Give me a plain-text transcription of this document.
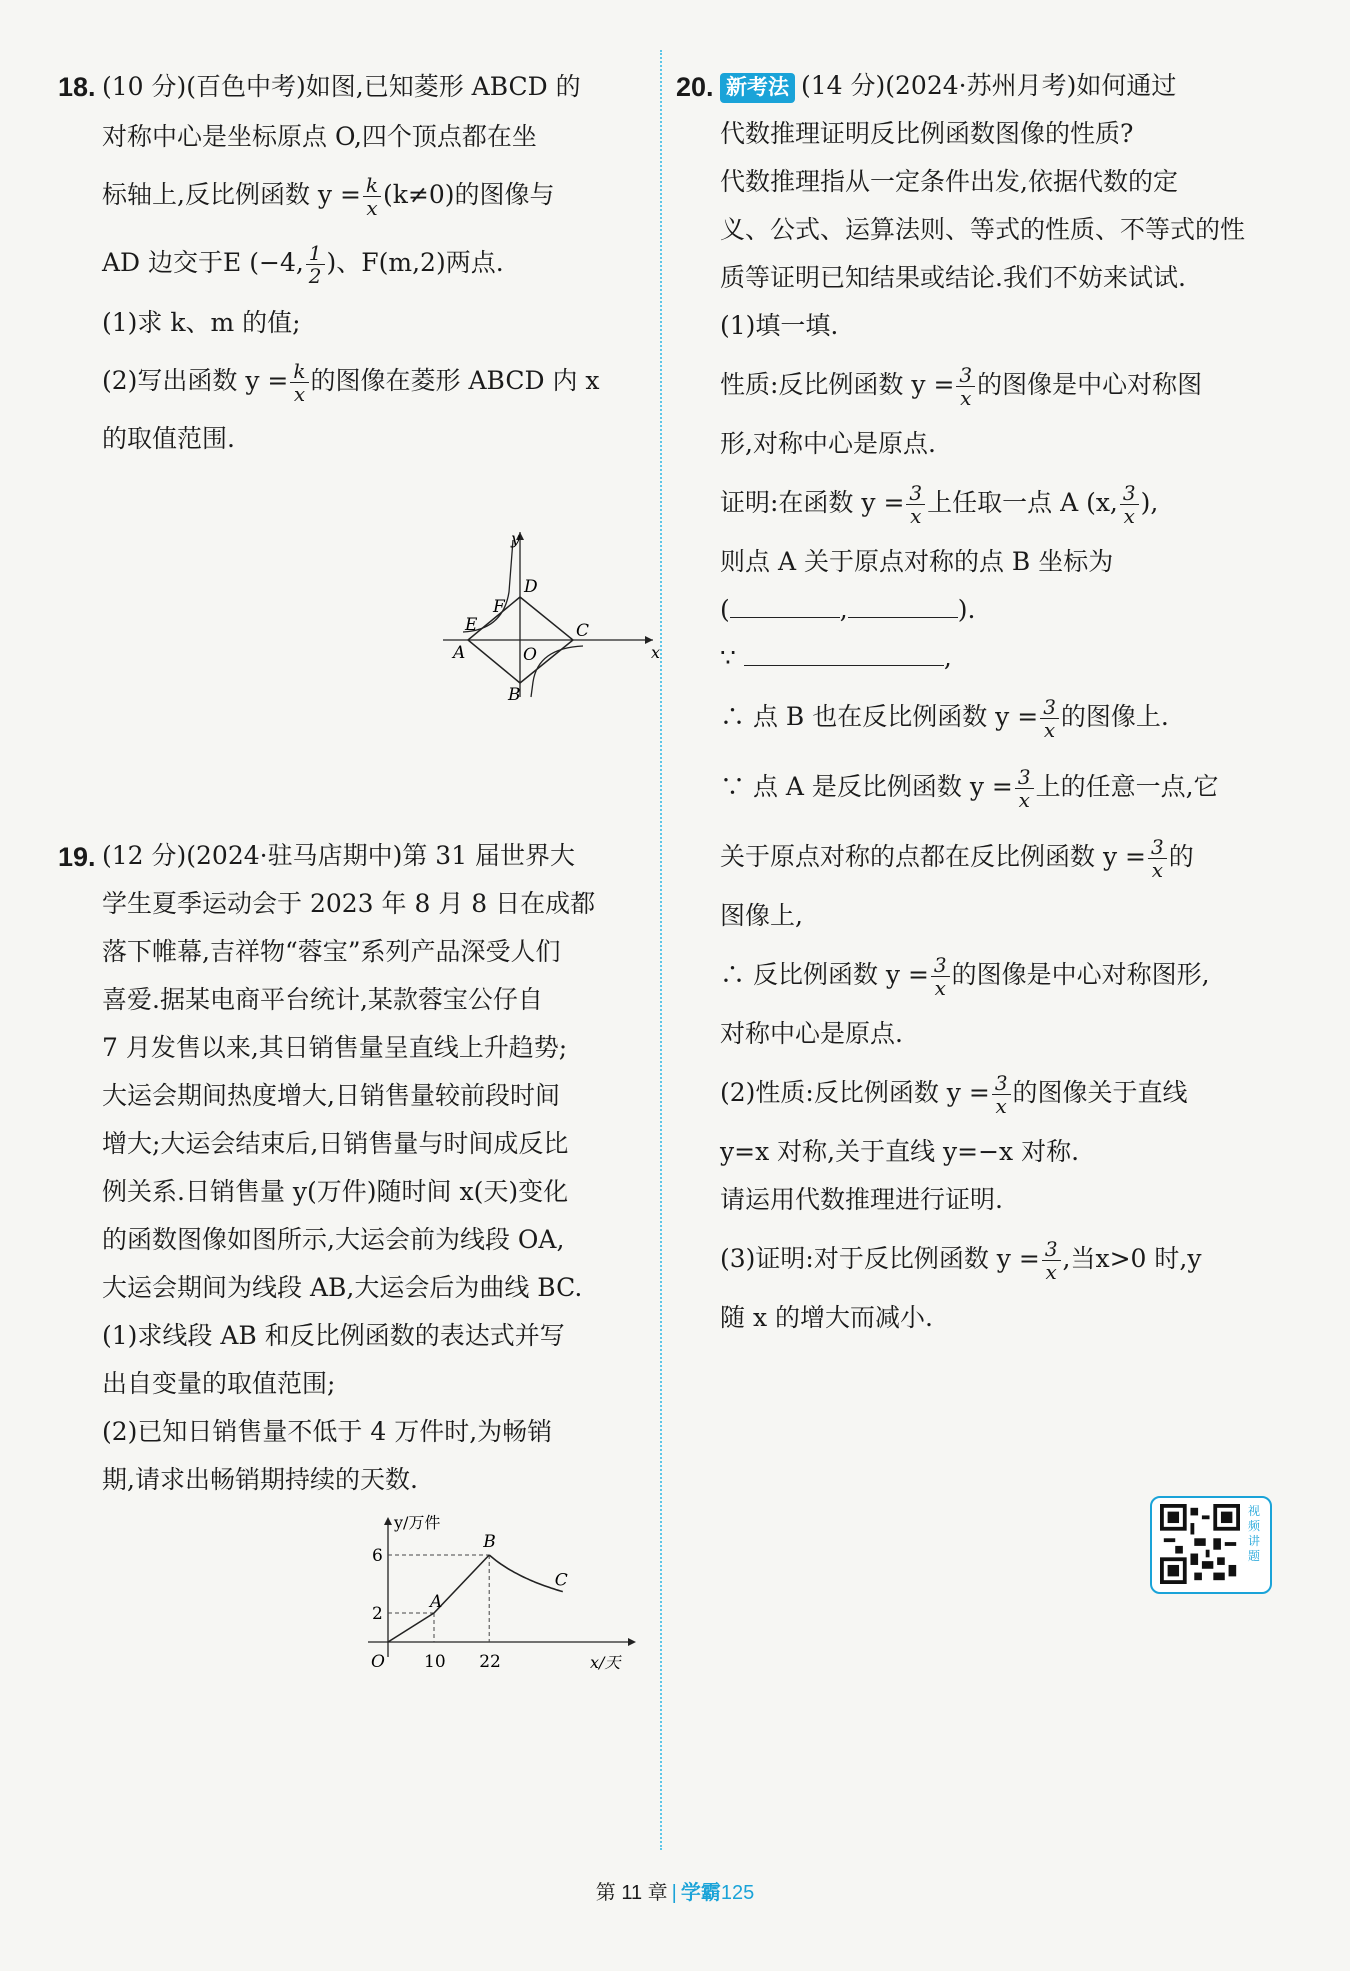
18. (10 分)(百色中考)如图,已知菱形 ABCD 的
对称中心是坐标原点 O,四个顶点都在坐
标轴上,反比例函数 $y = \frac{k}{x} (k\ne 0)$的图像与
AD 边交于E (−4, $\frac{1}{2}$ )、F(m,2)两点.
(1)求 k、m 的值;
(2)写出函数 $y = \frac{k}{x}$ 的图像在菱形 ABCD 内 x
的取值范围.
y
x
A
B
C
D
E
F
O
19. (12 分)(2024·驻马店期中)第 31 届世界大
学生夏季运动会于 2023 年 8 月 8 日在成都
落下帷幕,吉祥物“蓉宝”系列产品深受人们
喜爱.据某电商平台统计,某款蓉宝公仔自
7 月发售以来,其日销售量呈直线上升趋势;
大运会期间热度增大,日销售量较前段时间
增大;大运会结束后,日销售量与时间成反比
例关系.日销售量 y(万件)随时间 x(天)变化
的函数图像如图所示,大运会前为线段 OA,
大运会期间为线段 AB,大运会后为曲线 BC.
(1)求线段 AB 和反比例函数的表达式并写
出自变量的取值范围;
(2)已知日销售量不低于 4 万件时,为畅销
期,请求出畅销期持续的天数.
y/万件
x/天
O
2
6
10 22
A
B
C
20. 新考法 (14 分)(2024·苏州月考)如何通过
代数推理证明反比例函数图像的性质?
代数推理指从一定条件出发,依据代数的定
义、公式、运算法则、等式的性质、不等式的性
质等证明已知结果或结论.我们不妨来试试.
(1)填一填.
性质:反比例函数 $y = \frac{3}{x}$ 的图像是中心对称图
形,对称中心是原点.
证明:在函数 $y = \frac{3}{x}$ 上任取一点 A (x, $\frac{3}{x}$ ),
则点 A 关于原点对称的点 B 坐标为
(	,	).
∵	,
∴ 点 B 也在反比例函数 $y = \frac{3}{x}$ 的图像上.
∵ 点 A 是反比例函数 $y = \frac{3}{x}$ 上的任意一点,它
关于原点对称的点都在反比例函数 $y = \frac{3}{x}$ 的
图像上,
∴ 反比例函数 $y = \frac{3}{x}$ 的图像是中心对称图形,
对称中心是原点.
(2)性质:反比例函数 $y = \frac{3}{x}$ 的图像关于直线
y=x 对称,关于直线 y=−x 对称.
请运用代数推理进行证明.
(3)证明:对于反比例函数 $y = \frac{3}{x}$ ,当x>0 时,y
随 x 的增大而减小.
视频讲题
第 11 章 | 学霸125
